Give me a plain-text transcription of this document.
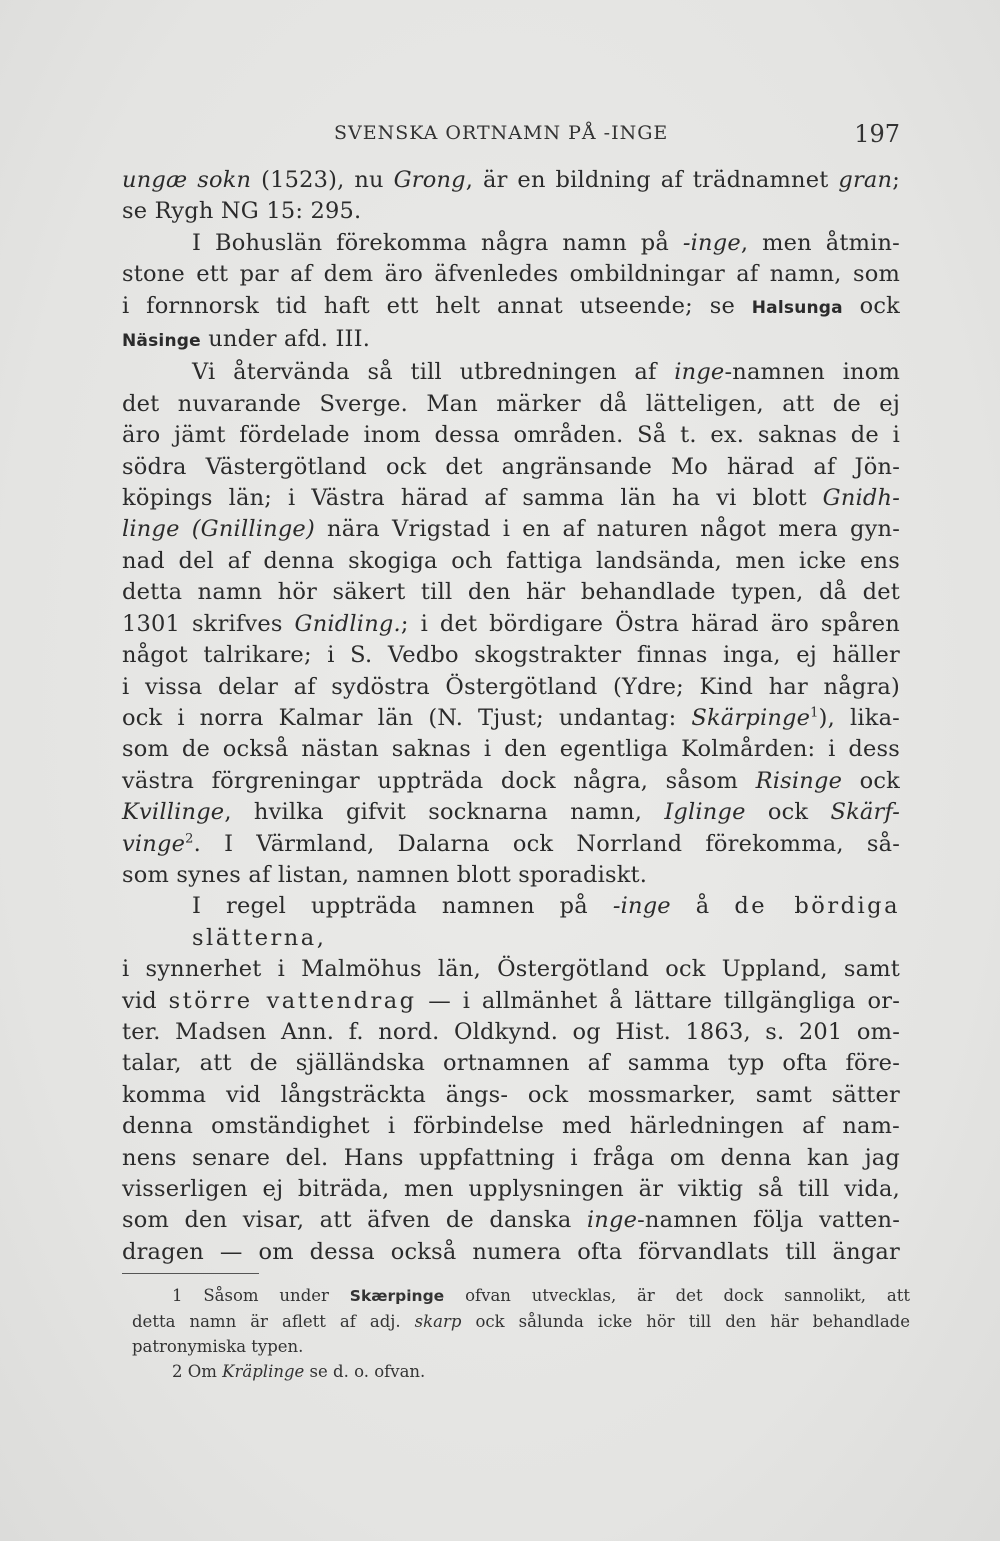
SVENSKA ORTNAMN PÅ -INGE	197

ungæ sokn (1523), nu Grong, är en bildning af trädnamnet gran;
se Rygh NG 15: 295.

I Bohuslän förekomma några namn på -inge, men åtmin-
stone ett par af dem äro äfvenledes ombildningar af namn, som
i fornnorsk tid haft ett helt annat utseende; se Halsunga ock
Näsinge under afd. III.

Vi återvända så till utbredningen af inge-namnen inom
det nuvarande Sverge. Man märker då lätteligen, att de ej
äro jämt fördelade inom dessa områden. Så t. ex. saknas de i
södra Västergötland ock det angränsande Mo härad af Jön-
köpings län; i Västra härad af samma län ha vi blott Gnidh-
linge (Gnillinge) nära Vrigstad i en af naturen något mera gyn-
nad del af denna skogiga och fattiga landsända, men icke ens
detta namn hör säkert till den här behandlade typen, då det
1301 skrifves Gnidling.; i det bördigare Östra härad äro spåren
något talrikare; i S. Vedbo skogstrakter finnas inga, ej häller
i vissa delar af sydöstra Östergötland (Ydre; Kind har några)
ock i norra Kalmar län (N. Tjust; undantag: Skärpinge$^1$), lika-
som de också nästan saknas i den egentliga Kolmården: i dess
västra förgreningar uppträda dock några, såsom Risinge ock
Kvillinge, hvilka gifvit socknarna namn, Iglinge ock Skärf-
vinge$^2$. I Värmland, Dalarna ock Norrland förekomma, så-
som synes af listan, namnen blott sporadiskt.

I regel uppträda namnen på -inge å de bördiga slätterna,
i synnerhet i Malmöhus län, Östergötland ock Uppland, samt
vid större vattendrag — i allmänhet å lättare tillgängliga or-
ter. Madsen Ann. f. nord. Oldkynd. og Hist. 1863, s. 201 om-
talar, att de själländska ortnamnen af samma typ ofta före-
komma vid långsträckta ängs- ock mossmarker, samt sätter
denna omständighet i förbindelse med härledningen af nam-
nens senare del. Hans uppfattning i fråga om denna kan jag
visserligen ej biträda, men upplysningen är viktig så till vida,
som den visar, att äfven de danska inge-namnen följa vatten-
dragen — om dessa också numera ofta förvandlats till ängar

1 Såsom under Skærpinge ofvan utvecklas, är det dock sannolikt, att
detta namn är aflett af adj. skarp ock sålunda icke hör till den här behandlade
patronymiska typen.
2 Om Kräplinge se d. o. ofvan.
